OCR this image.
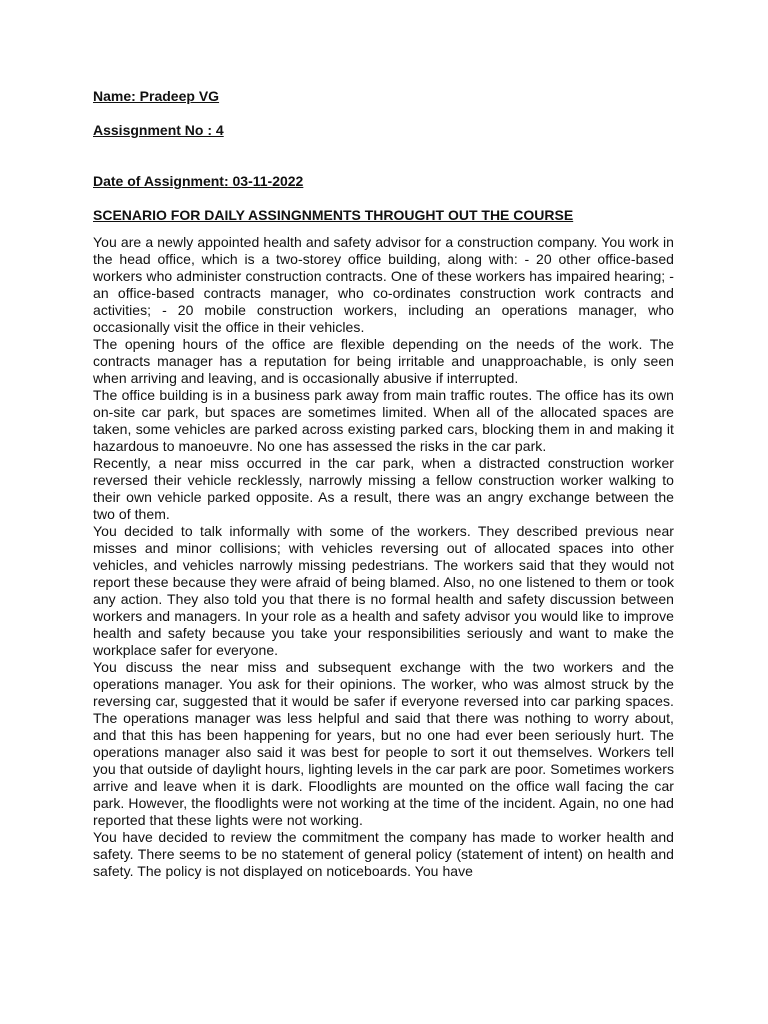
Name: Pradeep VG

Assisgnment No : 4

Date of Assignment: 03-11-2022

SCENARIO FOR DAILY ASSINGNMENTS THROUGHT OUT THE COURSE

You are a newly appointed health and safety advisor for a construction company. You work in the head office, which is a two-storey office building, along with: - 20 other office-based workers who administer construction contracts. One of these workers has impaired hearing; - an office-based contracts manager, who co-ordinates construction work contracts and activities; - 20 mobile construction workers, including an operations manager, who occasionally visit the office in their vehicles.

The opening hours of the office are flexible depending on the needs of the work. The contracts manager has a reputation for being irritable and unapproachable, is only seen when arriving and leaving, and is occasionally abusive if interrupted.

The office building is in a business park away from main traffic routes. The office has its own on-site car park, but spaces are sometimes limited. When all of the allocated spaces are taken, some vehicles are parked across existing parked cars, blocking them in and making it hazardous to manoeuvre. No one has assessed the risks in the car park.

Recently, a near miss occurred in the car park, when a distracted construction worker reversed their vehicle recklessly, narrowly missing a fellow construction worker walking to their own vehicle parked opposite. As a result, there was an angry exchange between the two of them.

You decided to talk informally with some of the workers. They described previous near misses and minor collisions; with vehicles reversing out of allocated spaces into other vehicles, and vehicles narrowly missing pedestrians. The workers said that they would not report these because they were afraid of being blamed. Also, no one listened to them or took any action. They also told you that there is no formal health and safety discussion between workers and managers. In your role as a health and safety advisor you would like to improve health and safety because you take your responsibilities seriously and want to make the workplace safer for everyone.

You discuss the near miss and subsequent exchange with the two workers and the operations manager. You ask for their opinions. The worker, who was almost struck by the reversing car, suggested that it would be safer if everyone reversed into car parking spaces. The operations manager was less helpful and said that there was nothing to worry about, and that this has been happening for years, but no one had ever been seriously hurt. The operations manager also said it was best for people to sort it out themselves. Workers tell you that outside of daylight hours, lighting levels in the car park are poor. Sometimes workers arrive and leave when it is dark. Floodlights are mounted on the office wall facing the car park. However, the floodlights were not working at the time of the incident. Again, no one had reported that these lights were not working.

You have decided to review the commitment the company has made to worker health and safety. There seems to be no statement of general policy (statement of intent) on health and safety. The policy is not displayed on noticeboards. You have
